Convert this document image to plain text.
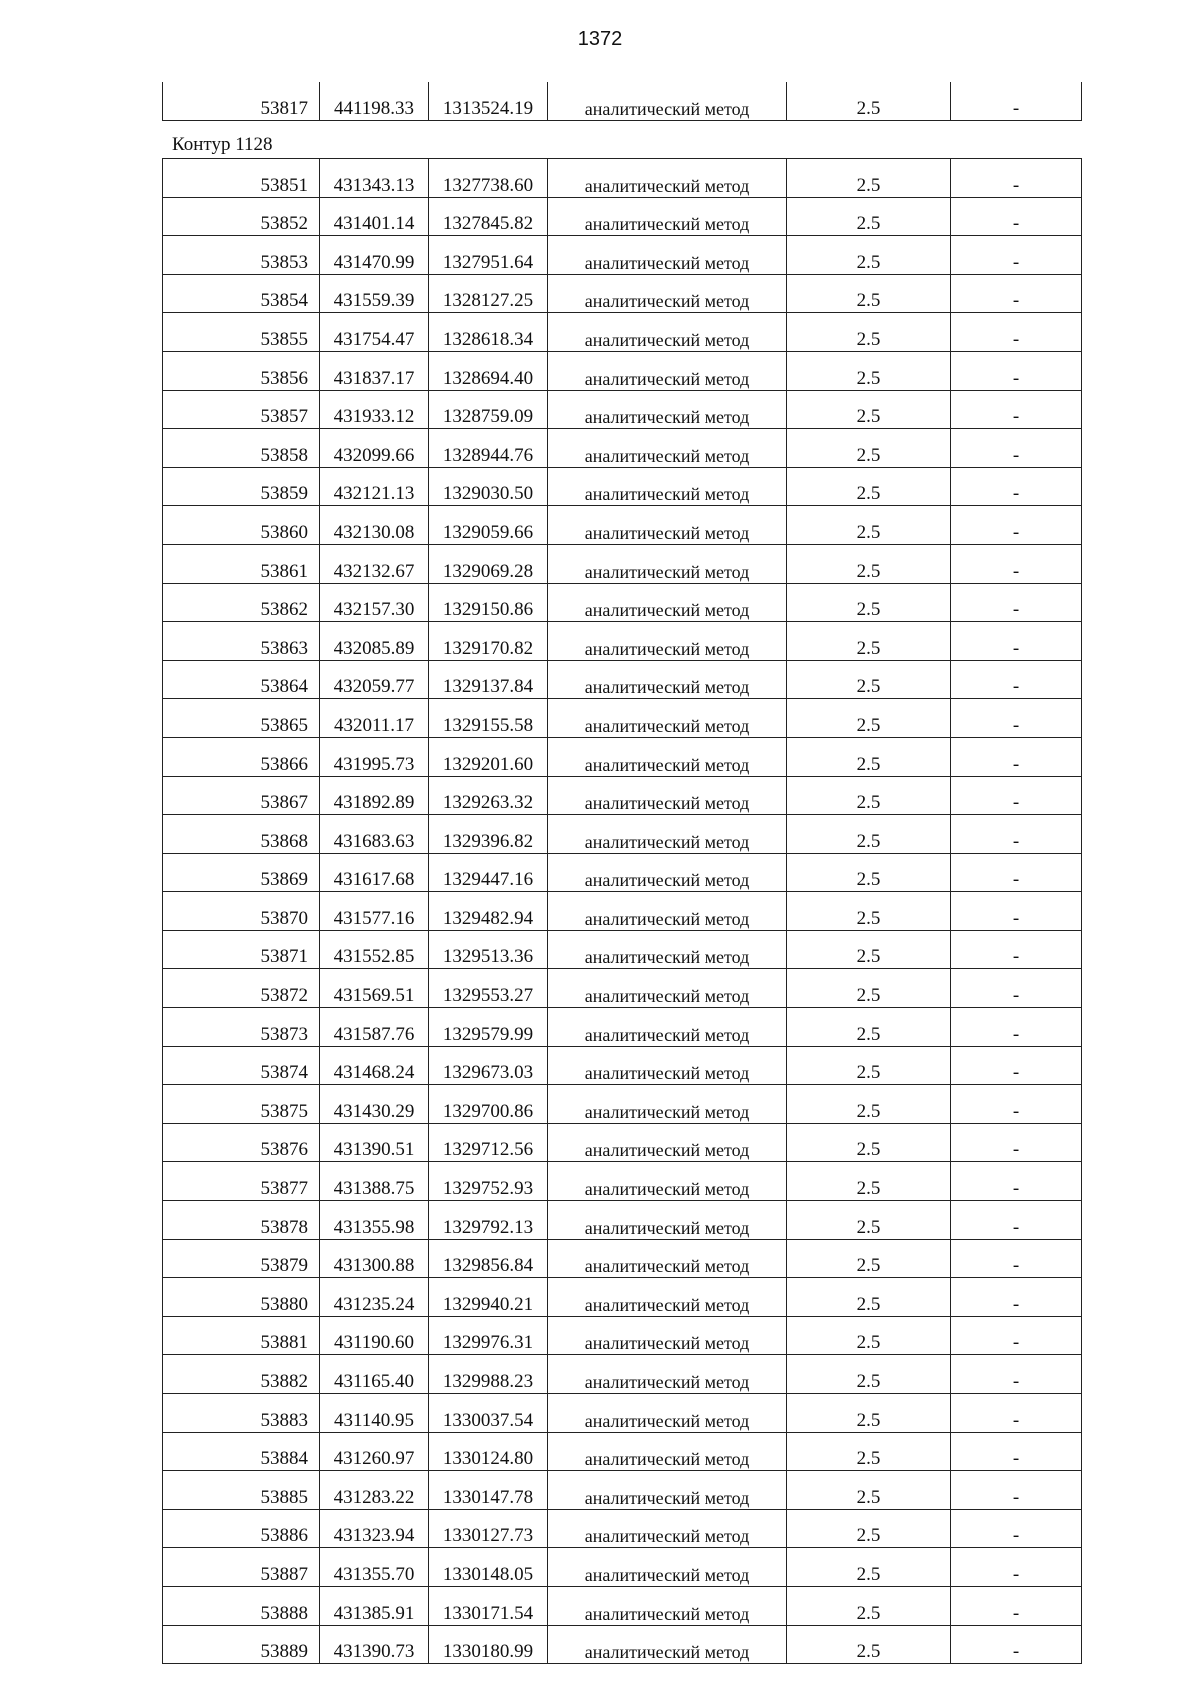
1372
53817	441198.33	1313524.19	аналитический метод	2.5	-
Контур 1128
53851	431343.13	1327738.60	аналитический метод	2.5	-
53852	431401.14	1327845.82	аналитический метод	2.5	-
53853	431470.99	1327951.64	аналитический метод	2.5	-
53854	431559.39	1328127.25	аналитический метод	2.5	-
53855	431754.47	1328618.34	аналитический метод	2.5	-
53856	431837.17	1328694.40	аналитический метод	2.5	-
53857	431933.12	1328759.09	аналитический метод	2.5	-
53858	432099.66	1328944.76	аналитический метод	2.5	-
53859	432121.13	1329030.50	аналитический метод	2.5	-
53860	432130.08	1329059.66	аналитический метод	2.5	-
53861	432132.67	1329069.28	аналитический метод	2.5	-
53862	432157.30	1329150.86	аналитический метод	2.5	-
53863	432085.89	1329170.82	аналитический метод	2.5	-
53864	432059.77	1329137.84	аналитический метод	2.5	-
53865	432011.17	1329155.58	аналитический метод	2.5	-
53866	431995.73	1329201.60	аналитический метод	2.5	-
53867	431892.89	1329263.32	аналитический метод	2.5	-
53868	431683.63	1329396.82	аналитический метод	2.5	-
53869	431617.68	1329447.16	аналитический метод	2.5	-
53870	431577.16	1329482.94	аналитический метод	2.5	-
53871	431552.85	1329513.36	аналитический метод	2.5	-
53872	431569.51	1329553.27	аналитический метод	2.5	-
53873	431587.76	1329579.99	аналитический метод	2.5	-
53874	431468.24	1329673.03	аналитический метод	2.5	-
53875	431430.29	1329700.86	аналитический метод	2.5	-
53876	431390.51	1329712.56	аналитический метод	2.5	-
53877	431388.75	1329752.93	аналитический метод	2.5	-
53878	431355.98	1329792.13	аналитический метод	2.5	-
53879	431300.88	1329856.84	аналитический метод	2.5	-
53880	431235.24	1329940.21	аналитический метод	2.5	-
53881	431190.60	1329976.31	аналитический метод	2.5	-
53882	431165.40	1329988.23	аналитический метод	2.5	-
53883	431140.95	1330037.54	аналитический метод	2.5	-
53884	431260.97	1330124.80	аналитический метод	2.5	-
53885	431283.22	1330147.78	аналитический метод	2.5	-
53886	431323.94	1330127.73	аналитический метод	2.5	-
53887	431355.70	1330148.05	аналитический метод	2.5	-
53888	431385.91	1330171.54	аналитический метод	2.5	-
53889	431390.73	1330180.99	аналитический метод	2.5	-
